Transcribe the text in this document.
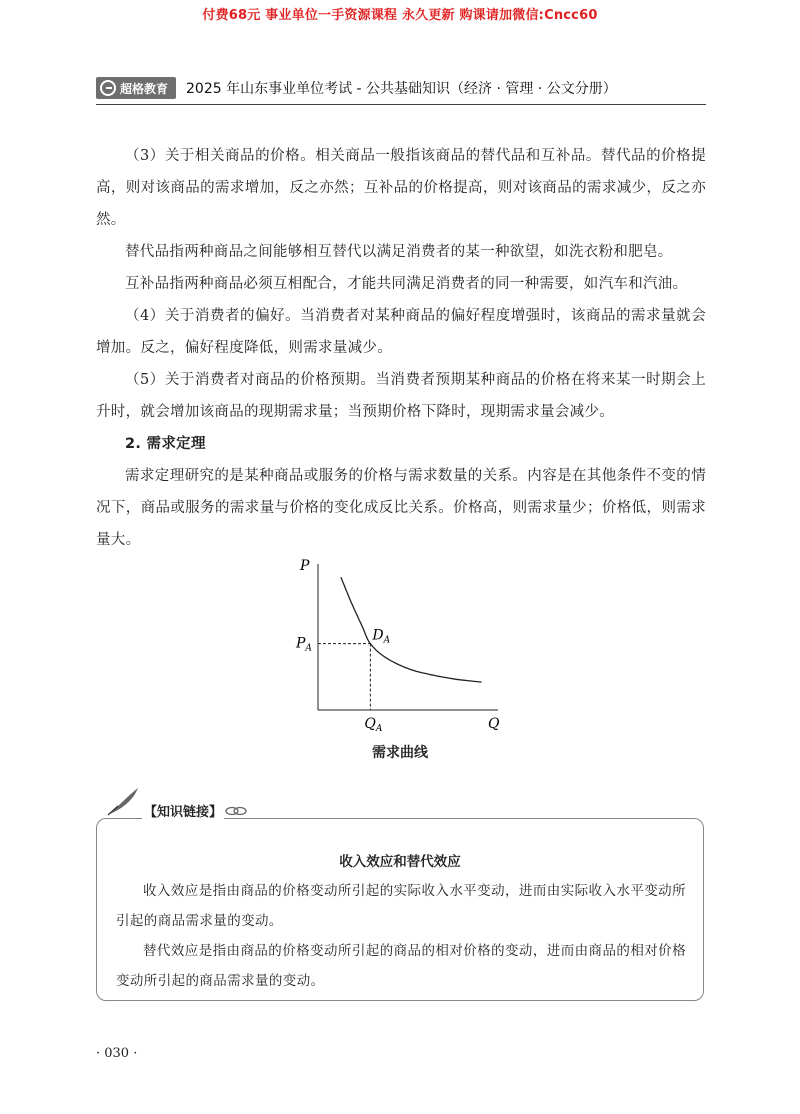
付费68元 事业单位一手资源课程 永久更新 购课请加微信:Cncc60
超格教育 2025 年山东事业单位考试 - 公共基础知识（经济 · 管理 · 公文分册）

（3）关于相关商品的价格。相关商品一般指该商品的替代品和互补品。替代品的价格提高，则对该商品的需求增加，反之亦然；互补品的价格提高，则对该商品的需求减少，反之亦然。

替代品指两种商品之间能够相互替代以满足消费者的某一种欲望，如洗衣粉和肥皂。

互补品指两种商品必须互相配合，才能共同满足消费者的同一种需要，如汽车和汽油。

（4）关于消费者的偏好。当消费者对某种商品的偏好程度增强时，该商品的需求量就会增加。反之，偏好程度降低，则需求量减少。

（5）关于消费者对商品的价格预期。当消费者预期某种商品的价格在将来某一时期会上升时，就会增加该商品的现期需求量；当预期价格下降时，现期需求量会减少。

2. 需求定理

需求定理研究的是某种商品或服务的价格与需求数量的关系。内容是在其他条件不变的情况下，商品或服务的需求量与价格的变化成反比关系。价格高，则需求量少；价格低，则需求量大。

P
Q
$P_A$
$Q_A$
$D_A$
需求曲线
【知识链接】
收入效应和替代效应

收入效应是指由商品的价格变动所引起的实际收入水平变动，进而由实际收入水平变动所引起的商品需求量的变动。

替代效应是指由商品的价格变动所引起的商品的相对价格的变动，进而由商品的相对价格变动所引起的商品需求量的变动。

· 030 ·
